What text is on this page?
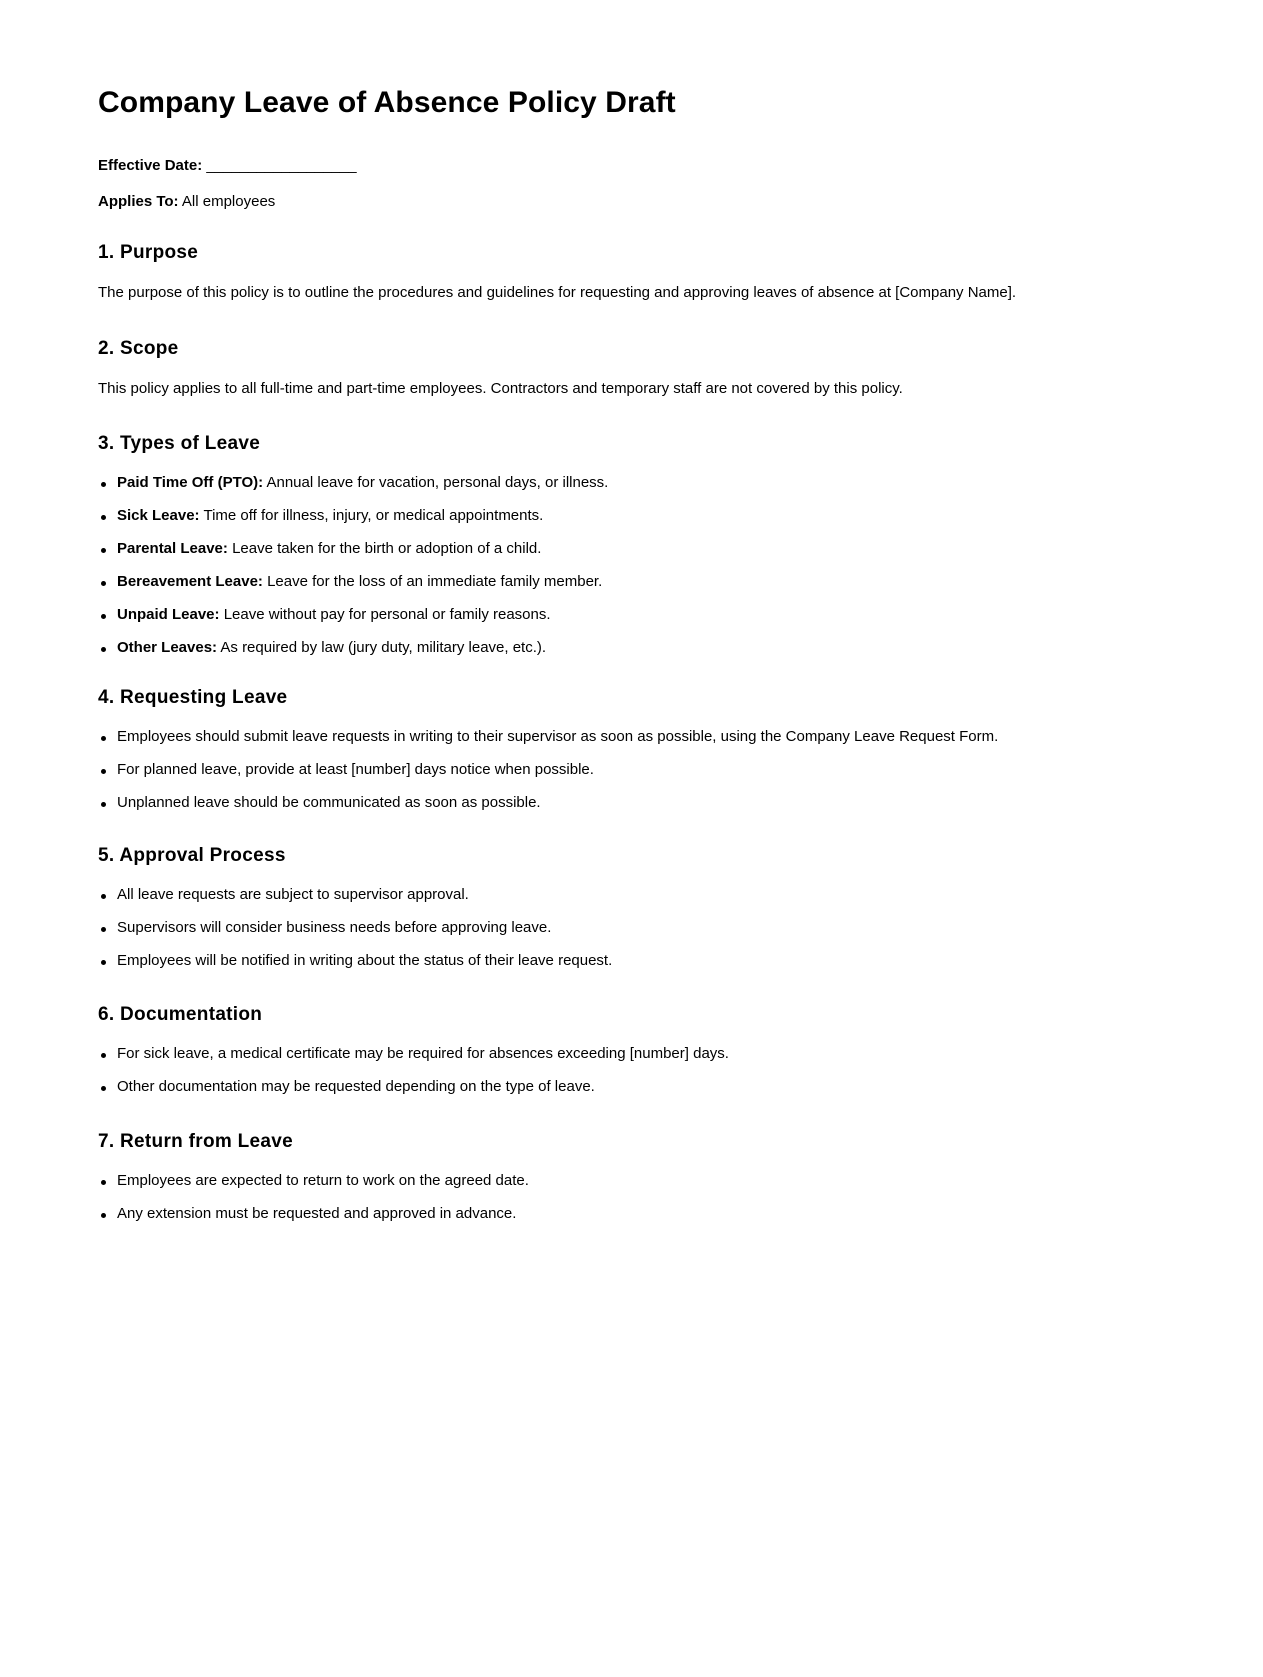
Company Leave of Absence Policy Draft
Effective Date: __________________
Applies To: All employees
1. Purpose

The purpose of this policy is to outline the procedures and guidelines for requesting and approving leaves of absence at [Company Name].

2. Scope

This policy applies to all full-time and part-time employees. Contractors and temporary staff are not covered by this policy.

3. Types of Leave
Paid Time Off (PTO): Annual leave for vacation, personal days, or illness.
Sick Leave: Time off for illness, injury, or medical appointments.
Parental Leave: Leave taken for the birth or adoption of a child.
Bereavement Leave: Leave for the loss of an immediate family member.
Unpaid Leave: Leave without pay for personal or family reasons.
Other Leaves: As required by law (jury duty, military leave, etc.).
4. Requesting Leave
Employees should submit leave requests in writing to their supervisor as soon as possible, using the Company Leave Request Form.
For planned leave, provide at least [number] days notice when possible.
Unplanned leave should be communicated as soon as possible.
5. Approval Process
All leave requests are subject to supervisor approval.
Supervisors will consider business needs before approving leave.
Employees will be notified in writing about the status of their leave request.
6. Documentation
For sick leave, a medical certificate may be required for absences exceeding [number] days.
Other documentation may be requested depending on the type of leave.
7. Return from Leave
Employees are expected to return to work on the agreed date.
Any extension must be requested and approved in advance.
